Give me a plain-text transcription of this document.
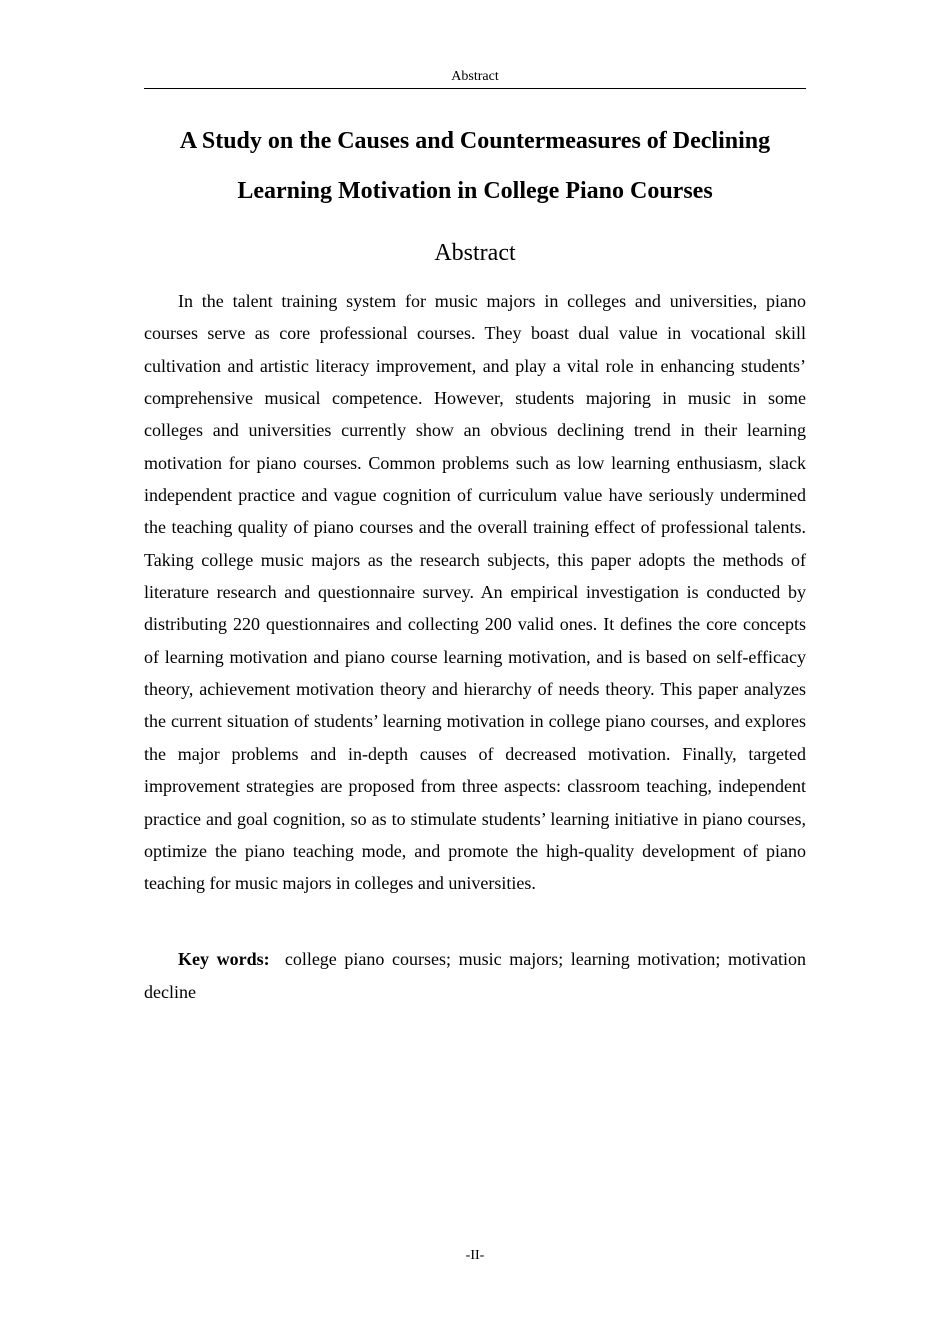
Abstract
A Study on the Causes and Countermeasures of Declining Learning Motivation in College Piano Courses
Abstract

In the talent training system for music majors in colleges and universities, piano courses serve as core professional courses. They boast dual value in vocational skill cultivation and artistic literacy improvement, and play a vital role in enhancing students’ comprehensive musical competence. However, students majoring in music in some colleges and universities currently show an obvious declining trend in their learning motivation for piano courses. Common problems such as low learning enthusiasm, slack independent practice and vague cognition of curriculum value have seriously undermined the teaching quality of piano courses and the overall training effect of professional talents. Taking college music majors as the research subjects, this paper adopts the methods of literature research and questionnaire survey. An empirical investigation is conducted by distributing 220 questionnaires and collecting 200 valid ones. It defines the core concepts of learning motivation and piano course learning motivation, and is based on self-efficacy theory, achievement motivation theory and hierarchy of needs theory. This paper analyzes the current situation of students’ learning motivation in college piano courses, and explores the major problems and in-depth causes of decreased motivation. Finally, targeted improvement strategies are proposed from three aspects: classroom teaching, independent practice and goal cognition, so as to stimulate students’ learning initiative in piano courses, optimize the piano teaching mode, and promote the high-quality development of piano teaching for music majors in colleges and universities.

Key words: college piano courses; music majors; learning motivation; motivation decline

-II-
